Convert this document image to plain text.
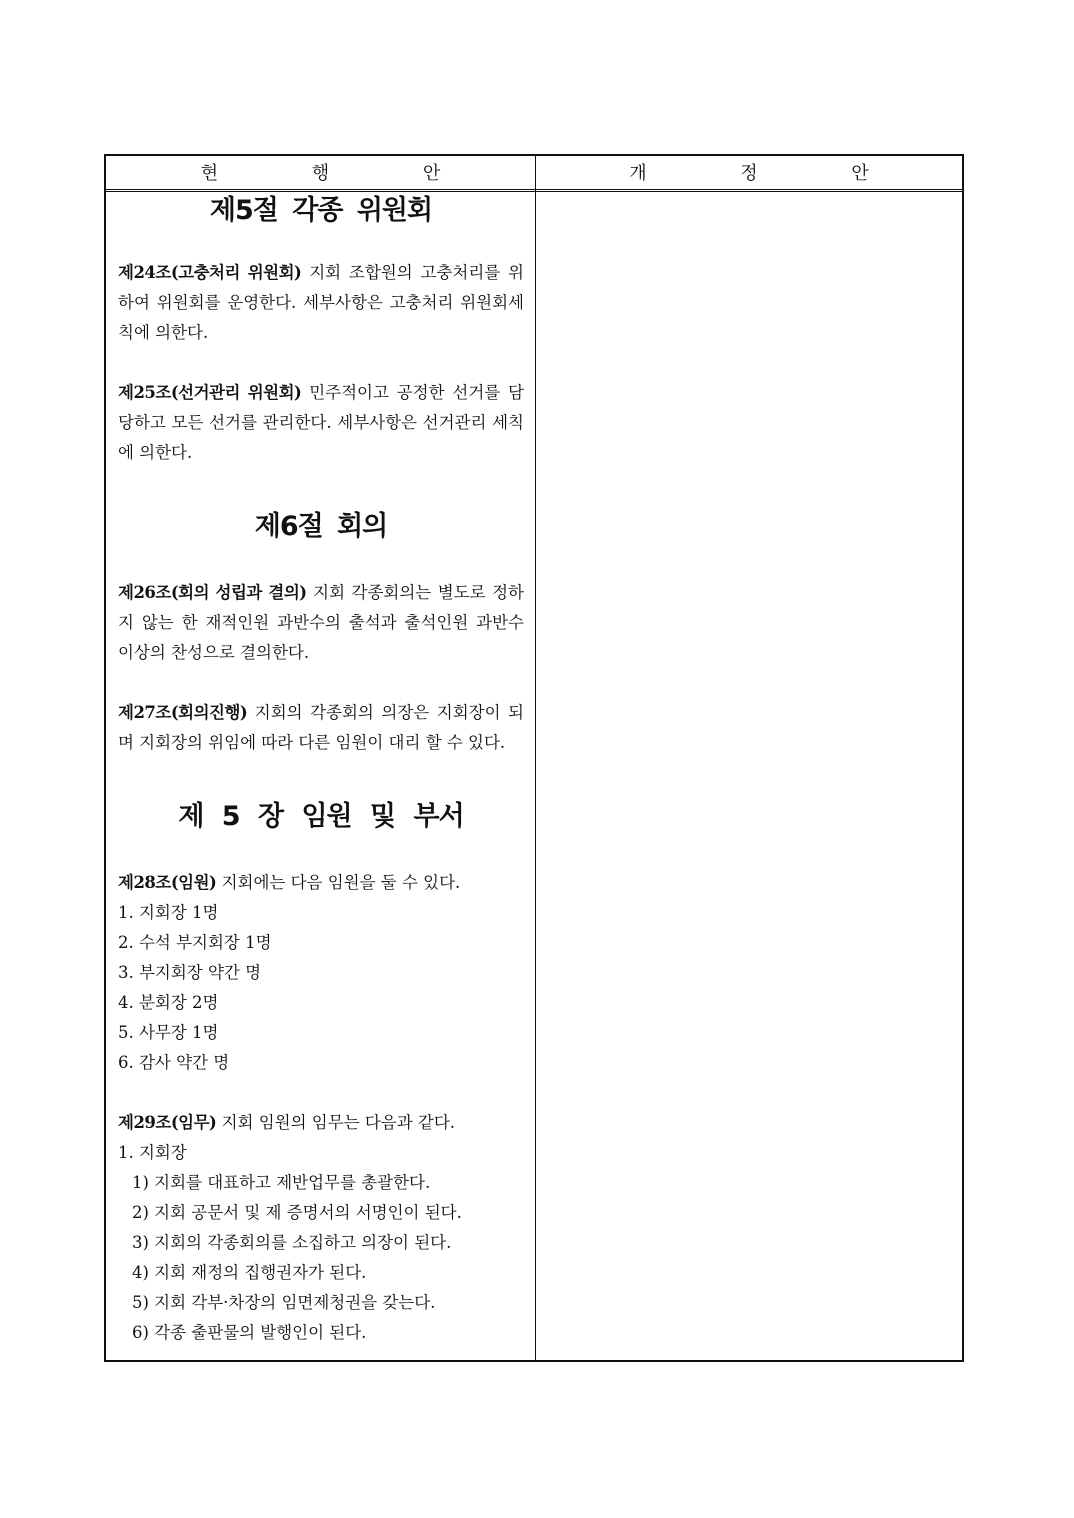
현 행 안	개 정 안
제5절 각종 위원회

제24조(고충처리 위원회) 지회 조합원의 고충처리를 위하여 위원회를 운영한다. 세부사항은 고충처리 위원회세칙에 의한다.

제25조(선거관리 위원회) 민주적이고 공정한 선거를 담당하고 모든 선거를 관리한다. 세부사항은 선거관리 세칙에 의한다.

제6절 회의

제26조(회의 성립과 결의) 지회 각종회의는 별도로 정하지 않는 한 재적인원 과반수의 출석과 출석인원 과반수 이상의 찬성으로 결의한다.

제27조(회의진행) 지회의 각종회의 의장은 지회장이 되며 지회장의 위임에 따라 다른 임원이 대리 할 수 있다.

제 5 장 임원 및 부서

제28조(임원) 지회에는 다음 임원을 둘 수 있다.

1. 지회장 1명

2. 수석 부지회장 1명

3. 부지회장 약간 명

4. 분회장 2명

5. 사무장 1명

6. 감사 약간 명

제29조(임무) 지회 임원의 임무는 다음과 같다.

1. 지회장

1) 지회를 대표하고 제반업무를 총괄한다.

2) 지회 공문서 및 제 증명서의 서명인이 된다.

3) 지회의 각종회의를 소집하고 의장이 된다.

4) 지회 재정의 집행권자가 된다.

5) 지회 각부·차장의 임면제청권을 갖는다.

6) 각종 출판물의 발행인이 된다.
